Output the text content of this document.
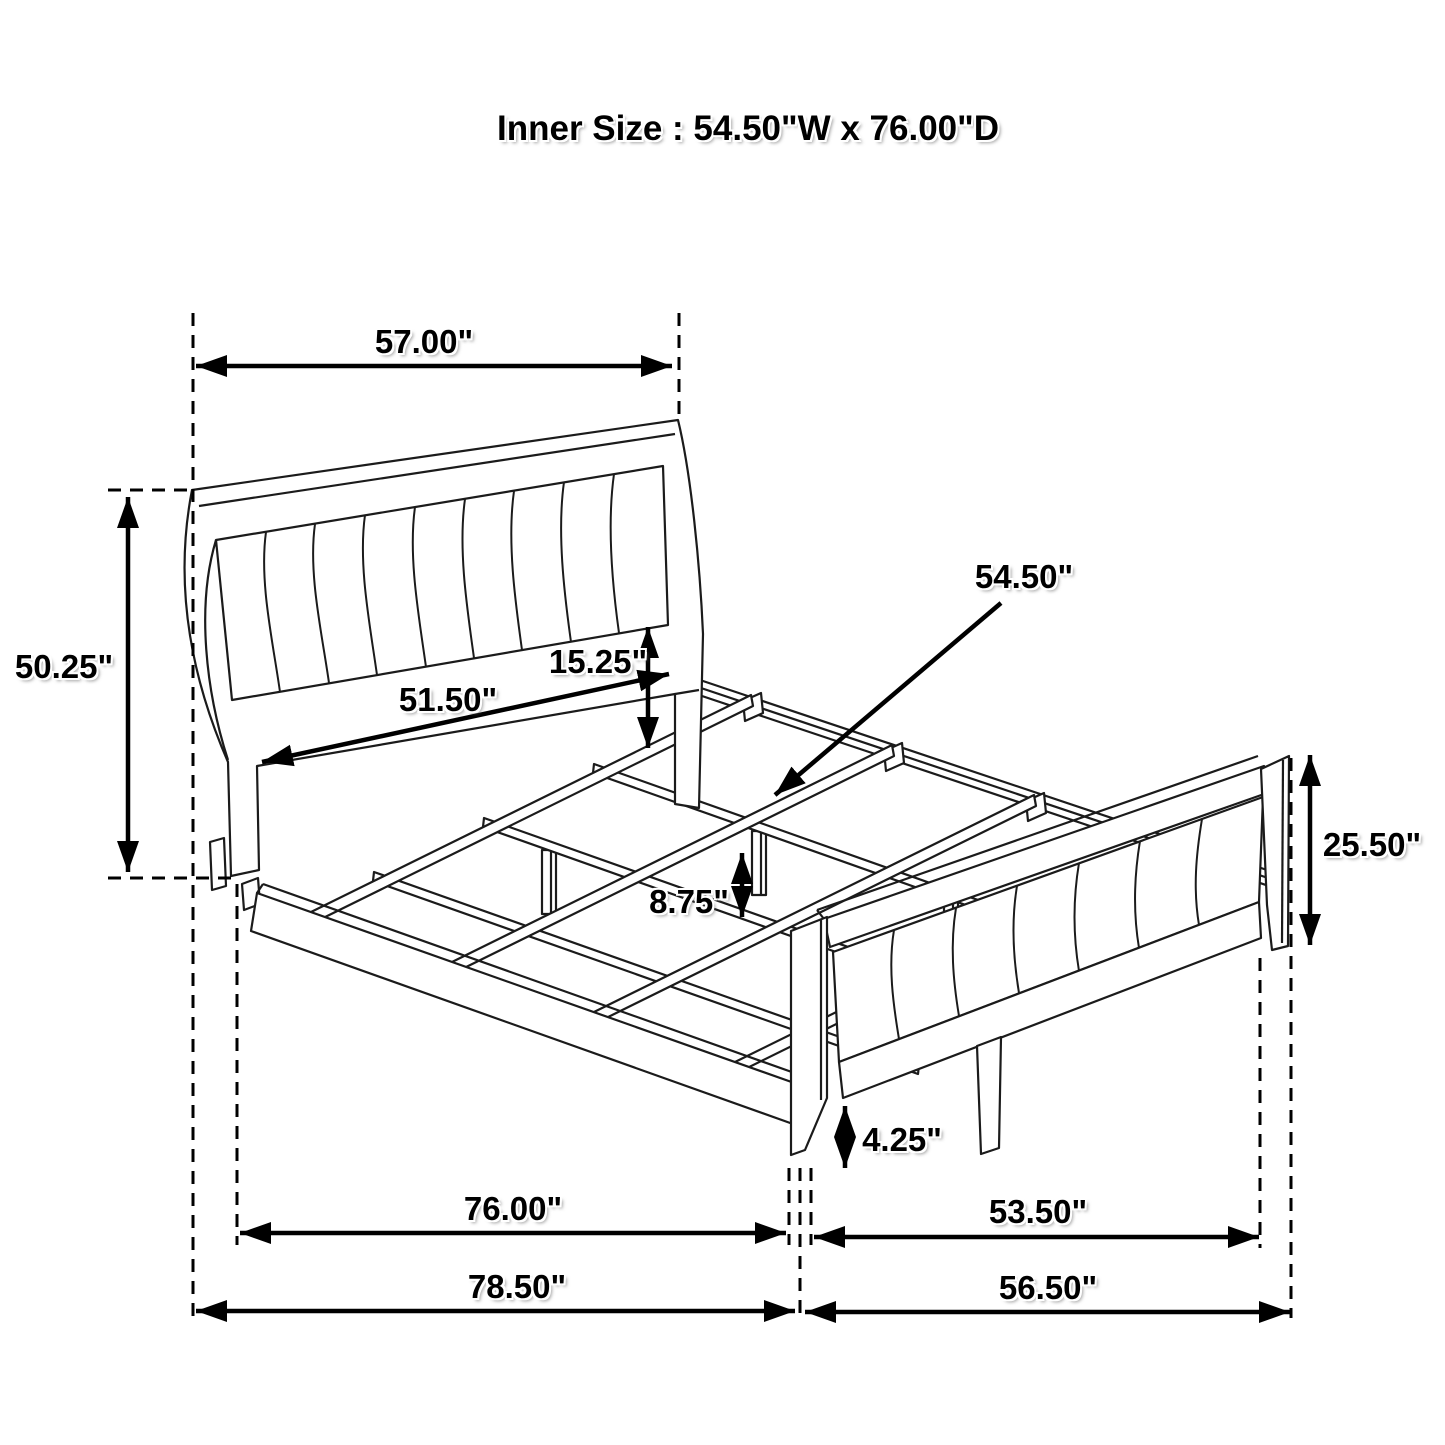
Inner Size : 54.50"W x 76.00"D
57.00"
50.25"	15.25"
51.50"
54.50"
25.50"
8.75"
4.25"
76.00"	53.50"
78.50"	56.50"
